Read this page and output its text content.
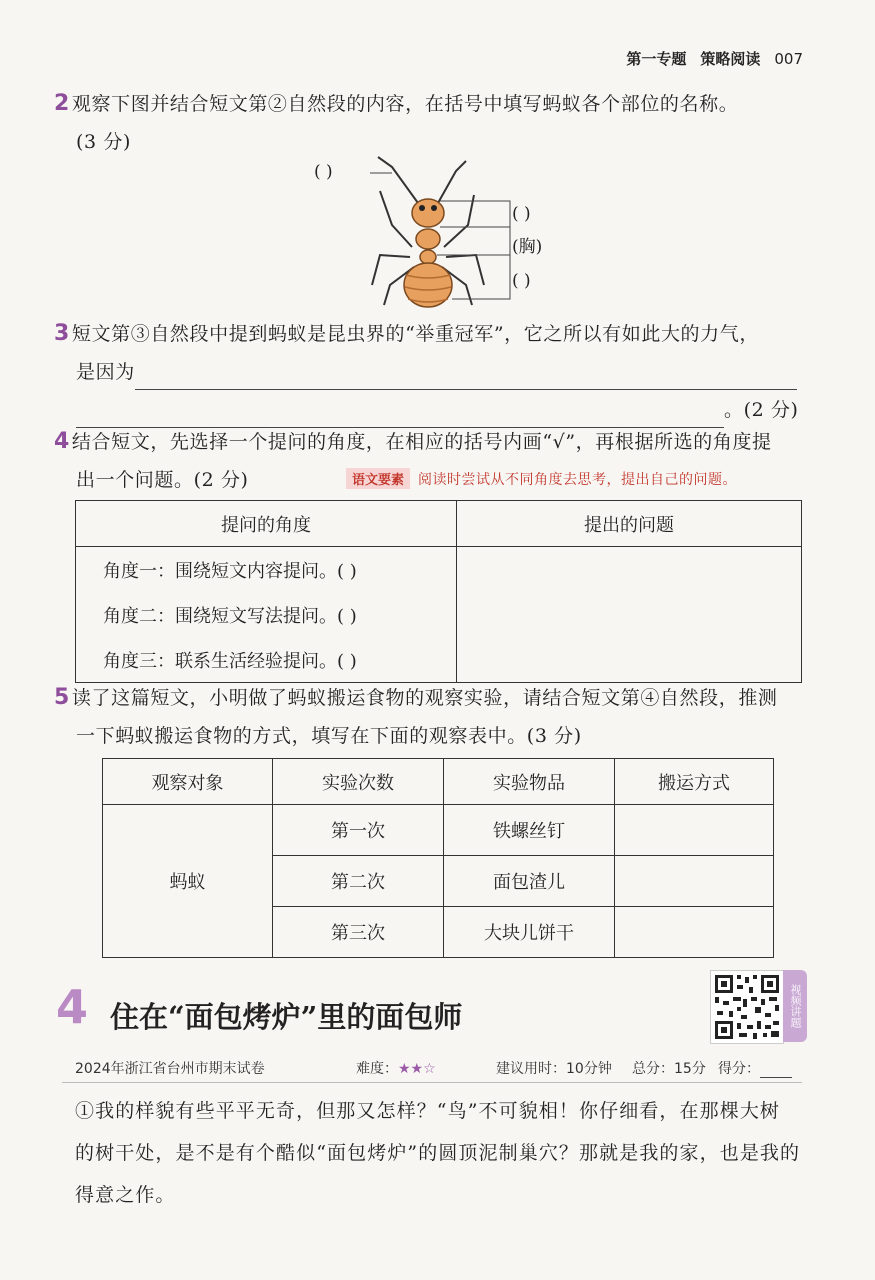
第一专题 策略阅读 007
2 观察下图并结合短文第②自然段的内容，在括号中填写蚂蚁各个部位的名称。
(3 分)
( )
( )
(胸)
( )
3 短文第③自然段中提到蚂蚁是昆虫界的“举重冠军”，它之所以有如此大的力气，
是因为
。(2 分)
4 结合短文，先选择一个提问的角度，在相应的括号内画“√”，再根据所选的角度提
出一个问题。(2 分)	语文要素 阅读时尝试从不同角度去思考，提出自己的问题。
提问的角度	提出的问题
角度一：围绕短文内容提问。( )	
角度二：围绕短文写法提问。( )	
角度三：联系生活经验提问。( )	
5 读了这篇短文，小明做了蚂蚁搬运食物的观察实验，请结合短文第④自然段，推测
一下蚂蚁搬运食物的方式，填写在下面的观察表中。(3 分)
观察对象	实验次数	实验物品	搬运方式
蚂蚁	第一次	铁螺丝钉	
	第二次	面包渣儿	
	第三次	大块儿饼干	
4 住在“面包烤炉”里的面包师	视频讲题
2024年浙江省台州市期末试卷	难度：★★☆	建议用时：10分钟 总分：15分 得分：
①我的样貌有些平平无奇，但那又怎样？“鸟”不可貌相！你仔细看，在那棵大树
的树干处，是不是有个酷似“面包烤炉”的圆顶泥制巢穴？那就是我的家，也是我的
得意之作。
